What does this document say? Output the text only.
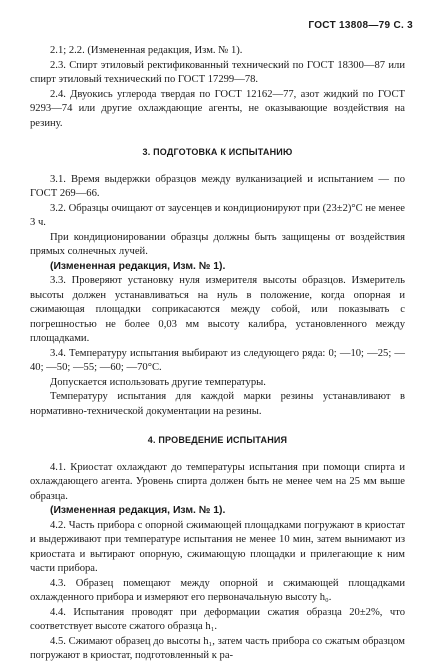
ГОСТ 13808—79 С. 3

2.1; 2.2. (Измененная редакция, Изм. № 1).

2.3. Спирт этиловый ректификованный технический по ГОСТ 18300—87 или спирт этиловый технический по ГОСТ 17299—78.

2.4. Двуокись углерода твердая по ГОСТ 12162—77, азот жидкий по ГОСТ 9293—74 или другие охлаждающие агенты, не оказывающие воздействия на резину.

3. ПОДГОТОВКА К ИСПЫТАНИЮ

3.1. Время выдержки образцов между вулканизацией и испытанием — по ГОСТ 269—66.

3.2. Образцы очищают от заусенцев и кондиционируют при (23±2)°С не менее 3 ч.

При кондиционировании образцы должны быть защищены от воздействия прямых солнечных лучей.

(Измененная редакция, Изм. № 1).

3.3. Проверяют установку нуля измерителя высоты образцов. Измеритель высоты должен устанавливаться на нуль в положение, когда опорная и сжимающая площадки соприкасаются между собой, или показывать с погрешностью не более 0,03 мм высоту калибра, установленного между площадками.

3.4. Температуру испытания выбирают из следующего ряда: 0; —10; —25; —40; —50; —55; —60; —70°С.

Допускается использовать другие температуры.

Температуру испытания для каждой марки резины устанавливают в нормативно-технической документации на резины.

4. ПРОВЕДЕНИЕ ИСПЫТАНИЯ

4.1. Криостат охлаждают до температуры испытания при помощи спирта и охлаждающего агента. Уровень спирта должен быть не менее чем на 25 мм выше образца.

(Измененная редакция, Изм. № 1).

4.2. Часть прибора с опорной сжимающей площадками погружают в криостат и выдерживают при температуре испытания не менее 10 мин, затем вынимают из криостата и вытирают опорную, сжимающую площадки и прилегающие к ним части прибора.

4.3. Образец помещают между опорной и сжимающей площадками охлажденного прибора и измеряют его первоначальную высоту h₀.

4.4. Испытания проводят при деформации сжатия образца 20±2%, что соответствует высоте сжатого образца h₁.

4.5. Сжимают образец до высоты h₁, затем часть прибора со сжатым образцом погружают в криостат, подготовленный к ра-
